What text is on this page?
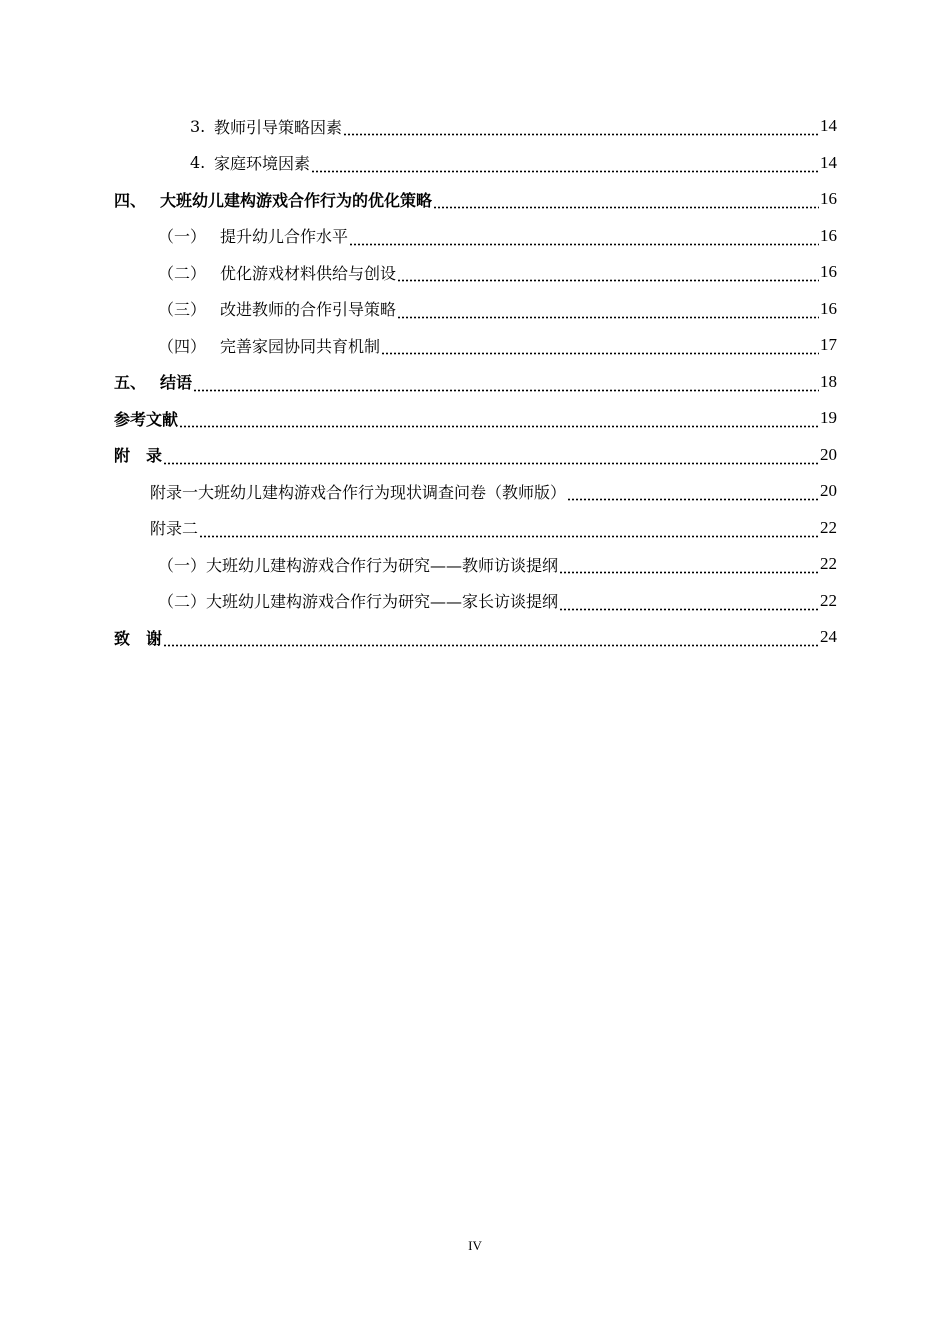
3. 教师引导策略因素	14
4. 家庭环境因素	14
四、 大班幼儿建构游戏合作行为的优化策略	16
（一） 提升幼儿合作水平	16
（二） 优化游戏材料供给与创设	16
（三） 改进教师的合作引导策略	16
（四） 完善家园协同共育机制	17
五、 结语	18
参考文献	19
附　录	20
附录一大班幼儿建构游戏合作行为现状调查问卷（教师版）	20
附录二	22
（一）大班幼儿建构游戏合作行为研究——教师访谈提纲	22
（二）大班幼儿建构游戏合作行为研究——家长访谈提纲	22
致　谢	24
IV
